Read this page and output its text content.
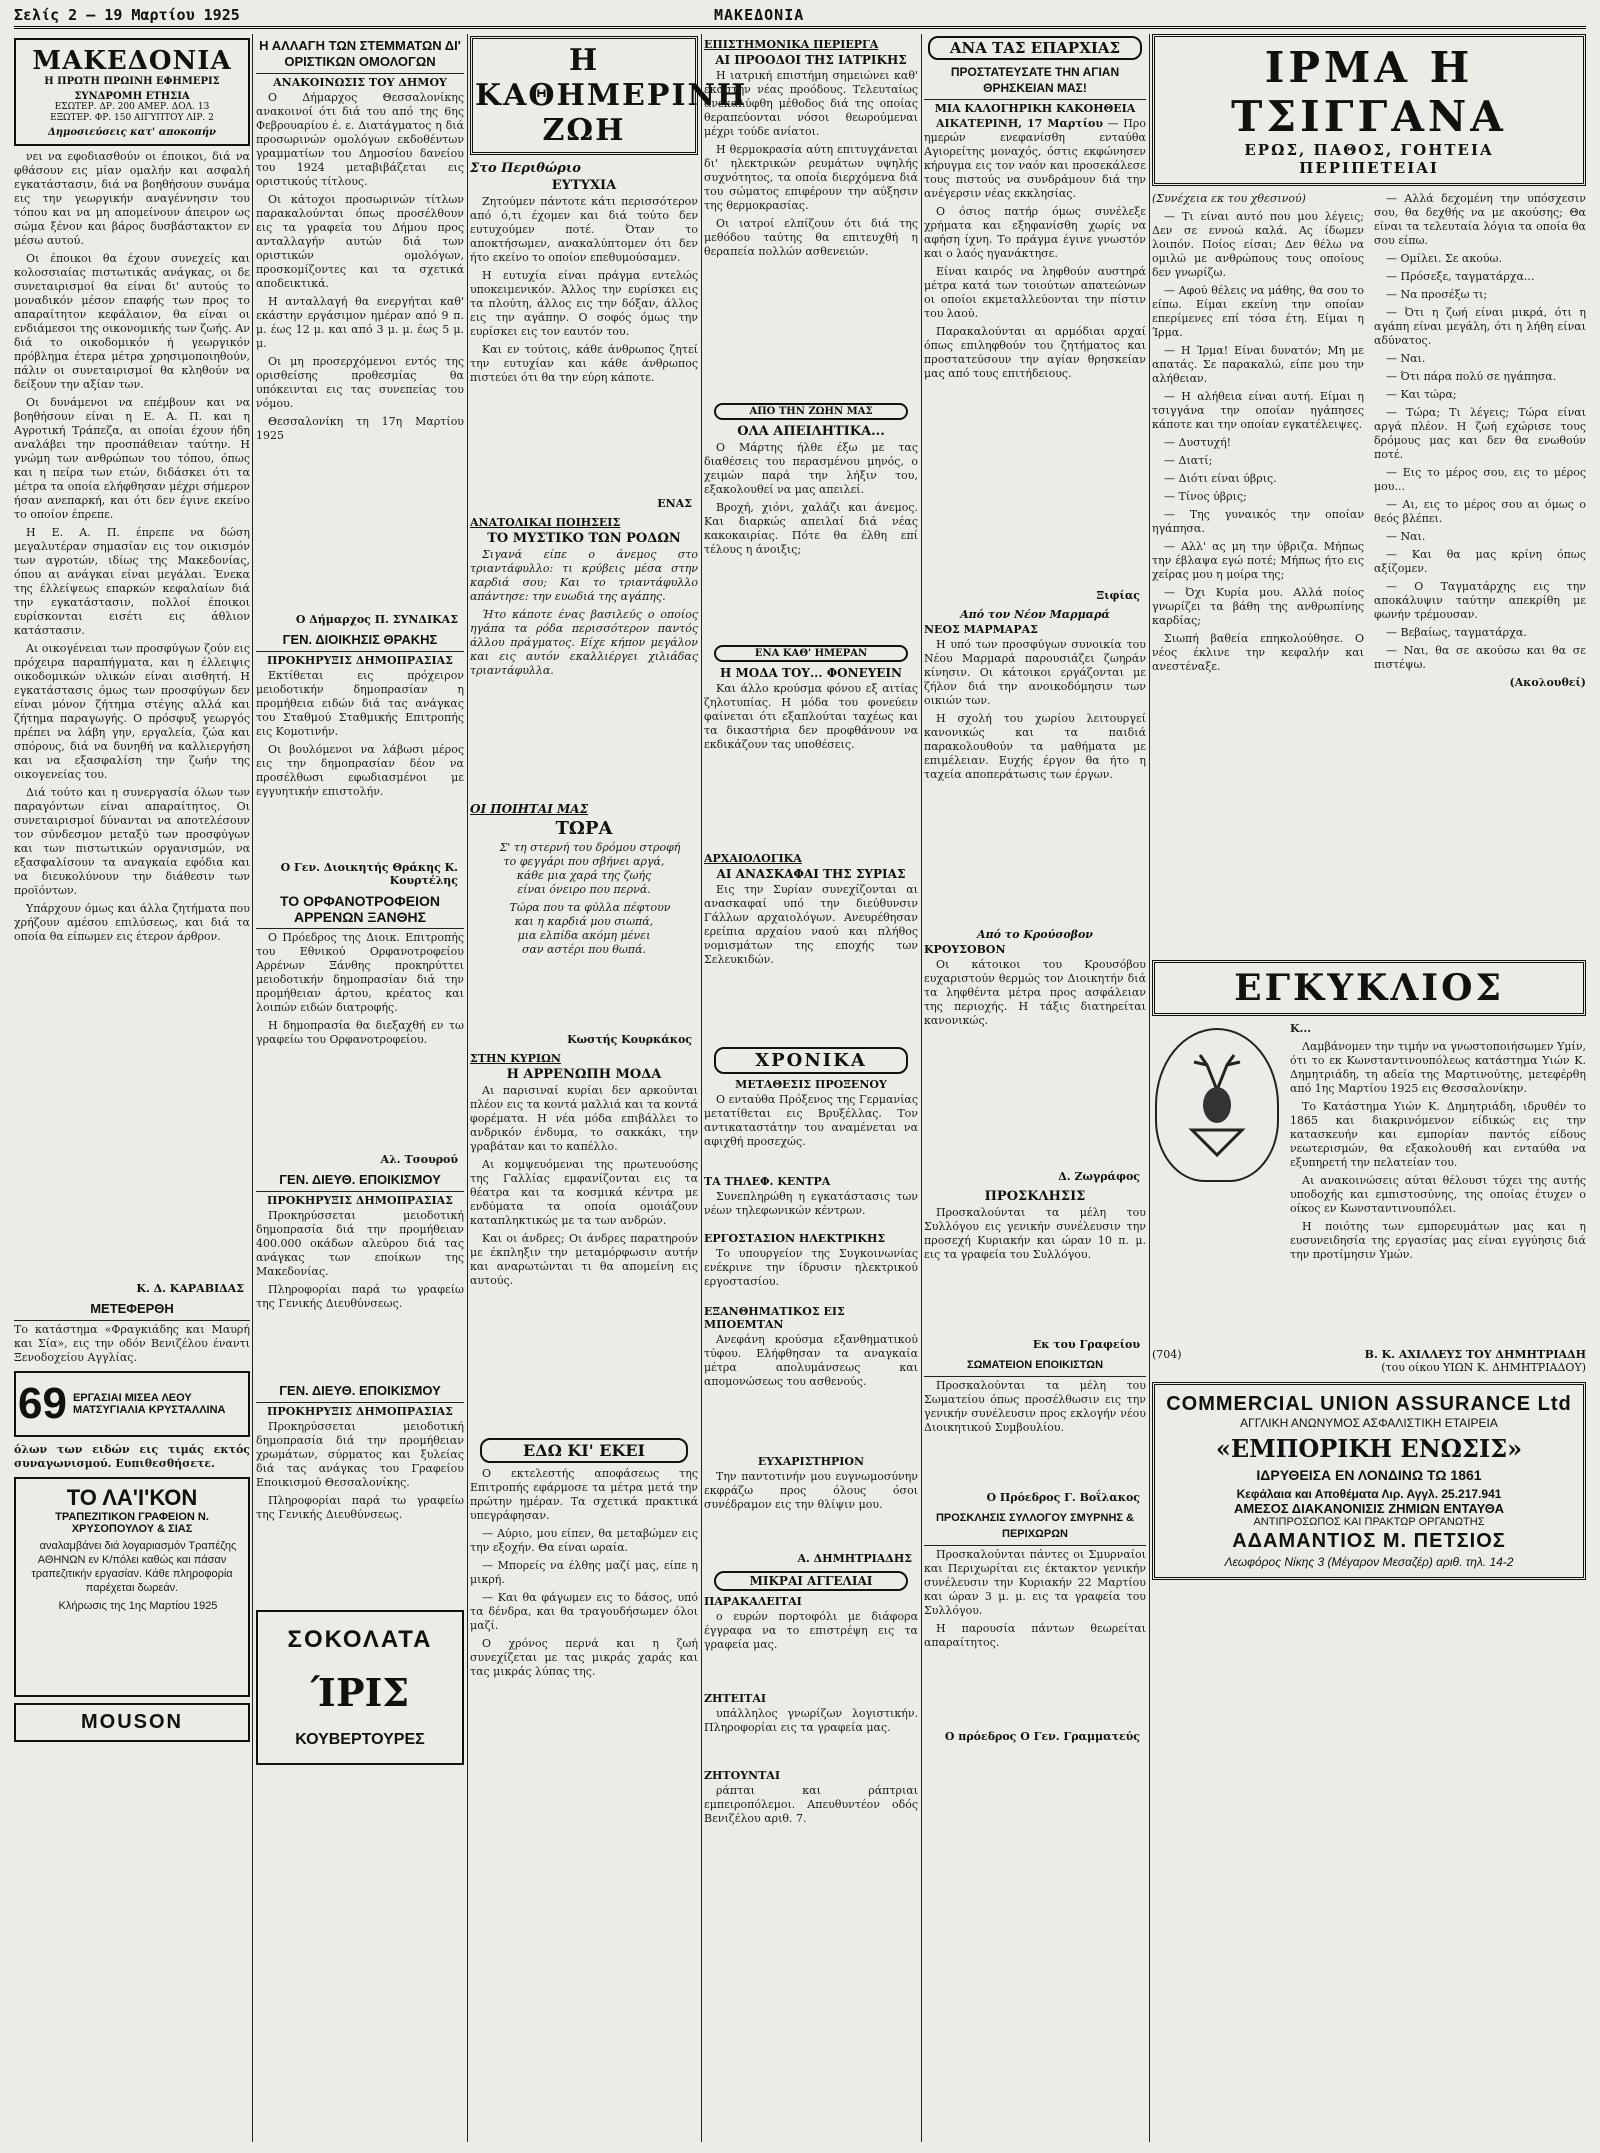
Σελίς 2 — 19 Μαρτίου 1925	ΜΑΚΕΔΟΝΙΑ
ΜΑΚΕΔΟΝΙΑ
Η ΠΡΩΤΗ ΠΡΩΙΝΗ ΕΦΗΜΕΡΙΣ
ΣΥΝΔΡΟΜΗ ΕΤΗΣΙΑ
ΕΣΩΤΕΡ. ΔΡ. 200 ΑΜΕΡ. ΔΟΛ. 13
ΕΞΩΤΕΡ. ΦΡ. 150 ΑΙΓΥΠΤΟΥ ΛΙΡ. 2
Δημοσιεύσεις κατ' αποκοπήν

νει να εφοδιασθούν οι έποικοι, διά να φθάσουν εις μίαν ομαλήν και ασφαλή εγκατάστασιν, διά να βοηθήσουν συνάμα εις την γεωργικήν αναγέννησιν του τόπου και να μη απομείνουν άπειρον ως σώμα ξένον και βάρος δυσβάστακτον εν μέσω αυτού.

Οι έποικοι θα έχουν συνεχείς και κολοσσιαίας πιστωτικάς ανάγκας, οι δε συνεταιρισμοί θα είναι δι' αυτούς το μοναδικόν μέσον επαφής των προς το απαραίτητον κεφάλαιον, θα είναι οι ενδιάμεσοι της οικονομικής των ζωής. Αν διά το οικοδομικόν ή γεωργικόν πρόβλημα έτερα μέτρα χρησιμοποιηθούν, πάλιν οι συνεταιρισμοί θα κληθούν να δείξουν την αξίαν των.

Οι δυνάμενοι να επέμβουν και να βοηθήσουν είναι η Ε. Α. Π. και η Αγροτική Τράπεζα, αι οποίαι έχουν ήδη αναλάβει την προσπάθειαν ταύτην. Η γνώμη των ανθρώπων του τόπου, όπως και η πείρα των ετών, διδάσκει ότι τα μέτρα τα οποία ελήφθησαν μέχρι σήμερον ήσαν ανεπαρκή, και ότι δεν έγινε εκείνο το οποίον έπρεπε.

Η Ε. Α. Π. έπρεπε να δώση μεγαλυτέραν σημασίαν εις τον οικισμόν των αγροτών, ιδίως της Μακεδονίας, όπου αι ανάγκαι είναι μεγάλαι. Ένεκα της έλλείψεως επαρκών κεφαλαίων διά την εγκατάστασιν, πολλοί έποικοι ευρίσκονται εισέτι εις άθλιον κατάστασιν.

Αι οικογένειαι των προσφύγων ζούν εις πρόχειρα παραπήγματα, και η έλλειψις οικοδομικών υλικών είναι αισθητή. Η εγκατάστασις όμως των προσφύγων δεν είναι μόνον ζήτημα στέγης αλλά και ζήτημα παραγωγής. Ο πρόσφυξ γεωργός πρέπει να λάβη γην, εργαλεία, ζώα και σπόρους, διά να δυνηθή να καλλιεργήση και να εξασφαλίση την ζωήν της οικογενείας του.

Διά τούτο και η συνεργασία όλων των παραγόντων είναι απαραίτητος. Οι συνεταιρισμοί δύνανται να αποτελέσουν τον σύνδεσμον μεταξύ των προσφύγων και των πιστωτικών οργανισμών, να εξασφαλίσουν τα αναγκαία εφόδια και να διευκολύνουν την διάθεσιν των προϊόντων.

Υπάρχουν όμως και άλλα ζητήματα που χρήζουν αμέσου επιλύσεως, και διά τα οποία θα είπωμεν εις έτερον άρθρον.

Κ. Δ. ΚΑΡΑΒΙΔΑΣ
ΜΕΤΕΦΕΡΘΗ
Το κατάστημα «Φραγκιάδης και Μαυρή και Σία», εις την οδόν Βενιζέλου έναντι Ξενοδοχείου Αγγλίας.
69 ΕΡΓΑΣΙΑΙ ΜΙΣΕΑ ΛΕΟΥ ΜΑΤΣΥΓΙΑΛΙΑ ΚΡΥΣΤΑΛΛΙΝΑ
όλων των ειδών εις τιμάς εκτός συναγωνισμού. Ευπιθεσθήσετε.
ΤΟ ΛΑ'Ι'ΚΟΝ
ΤΡΑΠΕΖΙΤΙΚΟΝ ΓΡΑΦΕΙΟΝ Ν. ΧΡΥΣΟΠΟΥΛΟΥ & ΣΙΑΣ

αναλαμβάνει διά λογαριασμόν Τραπέζης ΑΘΗΝΩΝ εν Κ/πόλει καθώς και πάσαν τραπεζιτικήν εργασίαν. Κάθε πληροφορία παρέχεται δωρεάν.

Κλήρωσις της 1ης Μαρτίου 1925

MOUSON
Η ΑΛΛΑΓΗ ΤΩΝ ΣΤΕΜΜΑΤΩΝ ΔΙ' ΟΡΙΣΤΙΚΩΝ ΟΜΟΛΟΓΩΝ
ΑΝΑΚΟΙΝΩΣΙΣ ΤΟΥ ΔΗΜΟΥ

Ο Δήμαρχος Θεσσαλονίκης ανακοινοί ότι διά του από της 6ης Φεβρουαρίου έ. ε. Διατάγματος η διά προσωρινών ομολόγων εκδοθέντων γραμματίων του Δημοσίου δανείου του 1924 μεταβιβάζεται εις οριστικούς τίτλους.

Οι κάτοχοι προσωρινών τίτλων παρακαλούνται όπως προσέλθουν εις τα γραφεία του Δήμου προς ανταλλαγήν αυτών διά των οριστικών ομολόγων, προσκομίζοντες και τα σχετικά αποδεικτικά.

Η ανταλλαγή θα ενεργήται καθ' εκάστην εργάσιμον ημέραν από 9 π. μ. έως 12 μ. και από 3 μ. μ. έως 5 μ. μ.

Οι μη προσερχόμενοι εντός της ορισθείσης προθεσμίας θα υπόκεινται εις τας συνεπείας του νόμου.

Θεσσαλονίκη τη 17η Μαρτίου 1925

Ο Δήμαρχος Π. ΣΥΝΔΙΚΑΣ
ΓΕΝ. ΔΙΟΙΚΗΣΙΣ ΘΡΑΚΗΣ
ΠΡΟΚΗΡΥΞΙΣ ΔΗΜΟΠΡΑΣΙΑΣ

Εκτίθεται εις πρόχειρον μειοδοτικήν δημοπρασίαν η προμήθεια ειδών διά τας ανάγκας του Σταθμού Σταθμικής Επιτροπής εις Κομοτινήν.

Οι βουλόμενοι να λάβωσι μέρος εις την δημοπρασίαν δέον να προσέλθωσι εφωδιασμένοι με εγγυητικήν επιστολήν.

Ο Γεν. Διοικητής Θράκης Κ. Κουρτέλης
ΤΟ ΟΡΦΑΝΟΤΡΟΦΕΙΟΝ ΑΡΡΕΝΩΝ ΞΑΝΘΗΣ

Ο Πρόεδρος της Διοικ. Επιτροπής του Εθνικού Ορφανοτροφείου Αρρένων Ξάνθης προκηρύττει μειοδοτικήν δημοπρασίαν διά την προμήθειαν άρτου, κρέατος και λοιπών ειδών διατροφής.

Η δημοπρασία θα διεξαχθή εν τω γραφείω του Ορφανοτροφείου.

Αλ. Τσουρού
ΓΕΝ. ΔΙΕΥΘ. ΕΠΟΙΚΙΣΜΟΥ
ΠΡΟΚΗΡΥΞΙΣ ΔΗΜΟΠΡΑΣΙΑΣ

Προκηρύσσεται μειοδοτική δημοπρασία διά την προμήθειαν 400.000 οκάδων αλεύρου διά τας ανάγκας των εποίκων της Μακεδονίας.

Πληροφορίαι παρά τω γραφείω της Γενικής Διευθύνσεως.

ΓΕΝ. ΔΙΕΥΘ. ΕΠΟΙΚΙΣΜΟΥ
ΠΡΟΚΗΡΥΞΙΣ ΔΗΜΟΠΡΑΣΙΑΣ

Προκηρύσσεται μειοδοτική δημοπρασία διά την προμήθειαν χρωμάτων, σύρματος και ξυλείας διά τας ανάγκας του Γραφείου Εποικισμού Θεσσαλονίκης.

Πληροφορίαι παρά τω γραφείω της Γενικής Διευθύνσεως.

ΣΟΚΟΛΑΤΑ
ΊΡΙΣ
ΚΟΥΒΕΡΤΟΥΡΕΣ
Η ΚΑΘΗΜΕΡΙΝΗ ΖΩΗ
Στο Περιθώριο
ΕΥΤΥΧΙΑ

Ζητούμεν πάντοτε κάτι περισσότερον από ό,τι έχομεν και διά τούτο δεν ευτυχούμεν ποτέ. Όταν το αποκτήσωμεν, ανακαλύπτομεν ότι δεν ήτο εκείνο το οποίον επεθυμούσαμεν.

Η ευτυχία είναι πράγμα εντελώς υποκειμενικόν. Άλλος την ευρίσκει εις τα πλούτη, άλλος εις την δόξαν, άλλος εις την αγάπην. Ο σοφός όμως την ευρίσκει εις τον εαυτόν του.

Και εν τούτοις, κάθε άνθρωπος ζητεί την ευτυχίαν και κάθε άνθρωπος πιστεύει ότι θα την εύρη κάποτε.

ΕΝΑΣ
ΑΝΑΤΟΛΙΚΑΙ ΠΟΙΗΣΕΙΣ
ΤΟ ΜΥΣΤΙΚΟ ΤΩΝ ΡΟΔΩΝ

Σιγανά είπε ο άνεμος στο τριαντάφυλλο: τι κρύβεις μέσα στην καρδιά σου; Και το τριαντάφυλλο απάντησε: την ευωδιά της αγάπης.

Ήτο κάποτε ένας βασιλεύς ο οποίος ηγάπα τα ρόδα περισσότερον παντός άλλου πράγματος. Είχε κήπον μεγάλον και εις αυτόν εκαλλιέργει χιλιάδας τριαντάφυλλα.

ΟΙ ΠΟΙΗΤΑΙ ΜΑΣ
ΤΩΡΑ

Σ' τη στερνή του δρόμου στροφή
το φεγγάρι που σβήνει αργά,
κάθε μια χαρά της ζωής
είναι όνειρο που περνά.

Τώρα που τα φύλλα πέφτουν
και η καρδιά μου σιωπά,
μια ελπίδα ακόμη μένει
σαν αστέρι που θωπά.

Κωστής Κουρκάκος
ΣΤΗΝ ΚΥΡΙΩΝ
Η ΑΡΡΕΝΩΠΗ ΜΟΔΑ

Αι παρισιναί κυρίαι δεν αρκούνται πλέον εις τα κοντά μαλλιά και τα κοντά φορέματα. Η νέα μόδα επιβάλλει το ανδρικόν ένδυμα, το σακκάκι, την γραβάταν και το καπέλλο.

Αι κομψευόμεναι της πρωτευούσης της Γαλλίας εμφανίζονται εις τα θέατρα και τα κοσμικά κέντρα με ενδύματα τα οποία ομοιάζουν καταπληκτικώς με τα των ανδρών.

Και οι άνδρες; Οι άνδρες παρατηρούν με έκπληξιν την μεταμόρφωσιν αυτήν και αναρωτώνται τι θα απομείνη εις αυτούς.

ΕΔΩ ΚΙ' ΕΚΕΙ

Ο εκτελεστής αποφάσεως της Επιτροπής εφάρμοσε τα μέτρα μετά την πρώτην ημέραν. Τα σχετικά πρακτικά υπεγράφησαν.

— Αύριο, μου είπεν, θα μεταβώμεν εις την εξοχήν. Θα είναι ωραία.

— Μπορείς να έλθης μαζί μας, είπε η μικρή.

— Και θα φάγωμεν εις το δάσος, υπό τα δένδρα, και θα τραγουδήσωμεν όλοι μαζί.

Ο χρόνος περνά και η ζωή συνεχίζεται με τας μικράς χαράς και τας μικράς λύπας της.

ΕΠΙΣΤΗΜΟΝΙΚΑ ΠΕΡΙΕΡΓΑ
ΑΙ ΠΡΟΟΔΟΙ ΤΗΣ ΙΑΤΡΙΚΗΣ

Η ιατρική επιστήμη σημειώνει καθ' εκάστην νέας προόδους. Τελευταίως ανεκαλύφθη μέθοδος διά της οποίας θεραπεύονται νόσοι θεωρούμεναι μέχρι τούδε ανίατοι.

Η θερμοκρασία αύτη επιτυγχάνεται δι' ηλεκτρικών ρευμάτων υψηλής συχνότητος, τα οποία διερχόμενα διά του σώματος επιφέρουν την αύξησιν της θερμοκρασίας.

Οι ιατροί ελπίζουν ότι διά της μεθόδου ταύτης θα επιτευχθή η θεραπεία πολλών ασθενειών.

ΑΠΟ ΤΗΝ ΖΩΗΝ ΜΑΣ
ΟΛΑ ΑΠΕΙΛΗΤΙΚΑ...

Ο Μάρτης ήλθε έξω με τας διαθέσεις του περασμένου μηνός, ο χειμών παρά την λήξιν του, εξακολουθεί να μας απειλεί.

Βροχή, χιόνι, χαλάζι και άνεμος. Και διαρκώς απειλαί διά νέας κακοκαιρίας. Πότε θα έλθη επί τέλους η άνοιξις;

ΕΝΑ ΚΑΘ' ΗΜΕΡΑΝ
Η ΜΟΔΑ ΤΟΥ... ΦΟΝΕΥΕΙΝ

Και άλλο κρούσμα φόνου εξ αιτίας ζηλοτυπίας. Η μόδα του φονεύειν φαίνεται ότι εξαπλούται ταχέως και τα δικαστήρια δεν προφθάνουν να εκδικάζουν τας υποθέσεις.

ΑΡΧΑΙΟΛΟΓΙΚΑ
ΑΙ ΑΝΑΣΚΑΦΑΙ ΤΗΣ ΣΥΡΙΑΣ

Εις την Συρίαν συνεχίζονται αι ανασκαφαί υπό την διεύθυνσιν Γάλλων αρχαιολόγων. Ανευρέθησαν ερείπια αρχαίου ναού και πλήθος νομισμάτων της εποχής των Σελευκιδών.

ΧΡΟΝΙΚΑ
ΜΕΤΑΘΕΣΙΣ ΠΡΟΞΕΝΟΥ

Ο ενταύθα Πρόξενος της Γερμανίας μετατίθεται εις Βρυξέλλας. Τον αντικαταστάτην του αναμένεται να αφιχθή προσεχώς.

ΤΑ ΤΗΛΕΦ. ΚΕΝΤΡΑ

Συνεπληρώθη η εγκατάστασις των νέων τηλεφωνικών κέντρων.

ΕΡΓΟΣΤΑΣΙΟΝ ΗΛΕΚΤΡΙΚΗΣ

Το υπουργείον της Συγκοινωνίας ενέκρινε την ίδρυσιν ηλεκτρικού εργοστασίου.

ΕΞΑΝΘΗΜΑΤΙΚΟΣ ΕΙΣ ΜΠΟΕΜΤΑΝ

Ανεφάνη κρούσμα εξανθηματικού τύφου. Ελήφθησαν τα αναγκαία μέτρα απολυμάνσεως και απομονώσεως του ασθενούς.

ΕΥΧΑΡΙΣΤΗΡΙΟΝ

Την παντοτινήν μου ευγνωμοσύνην εκφράζω προς όλους όσοι συνέδραμον εις την θλίψιν μου.

Α. ΔΗΜΗΤΡΙΑΔΗΣ
ΜΙΚΡΑΙ ΑΓΓΕΛΙΑΙ
ΠΑΡΑΚΑΛΕΙΤΑΙ

ο ευρών πορτοφόλι με διάφορα έγγραφα να το επιστρέψη εις τα γραφεία μας.

ΖΗΤΕΙΤΑΙ

υπάλληλος γνωρίζων λογιστικήν. Πληροφορίαι εις τα γραφεία μας.

ΖΗΤΟΥΝΤΑΙ

ράπται και ράπτριαι εμπειροπόλεμοι. Απευθυντέον οδός Βενιζέλου αριθ. 7.

ΑΝΑ ΤΑΣ ΕΠΑΡΧΙΑΣ
ΠΡΟΣΤΑΤΕΥΣΑΤΕ ΤΗΝ ΑΓΙΑΝ ΘΡΗΣΚΕΙΑΝ ΜΑΣ!
ΜΙΑ ΚΑΛΟΓΗΡΙΚΗ ΚΑΚΟΗΘΕΙΑ

ΑΙΚΑΤΕΡΙΝΗ, 17 Μαρτίου — Προ ημερών ενεφανίσθη ενταύθα Αγιορείτης μοναχός, όστις εκφώνησεν κήρυγμα εις τον ναόν και προσεκάλεσε τους πιστούς να συνδράμουν διά την ανέγερσιν νέας εκκλησίας.

Ο όσιος πατήρ όμως συνέλεξε χρήματα και εξηφανίσθη χωρίς να αφήση ίχνη. Το πράγμα έγινε γνωστόν και ο λαός ηγανάκτησε.

Είναι καιρός να ληφθούν αυστηρά μέτρα κατά των τοιούτων απατεώνων οι οποίοι εκμεταλλεύονται την πίστιν του λαού.

Παρακαλούνται αι αρμόδιαι αρχαί όπως επιληφθούν του ζητήματος και προστατεύσουν την αγίαν θρησκείαν μας από τους επιτήδειους.

Ξιφίας
Από τον Νέον Μαρμαρά
ΝΕΟΣ ΜΑΡΜΑΡΑΣ

Η υπό των προσφύγων συνοικία του Νέου Μαρμαρά παρουσιάζει ζωηράν κίνησιν. Οι κάτοικοι εργάζονται με ζήλον διά την ανοικοδόμησιν των οικιών των.

Η σχολή του χωρίου λειτουργεί κανονικώς και τα παιδιά παρακολουθούν τα μαθήματα με επιμέλειαν. Ευχής έργον θα ήτο η ταχεία αποπεράτωσις των έργων.

Από το Κρούσοβον
ΚΡΟΥΣΟΒΟΝ

Οι κάτοικοι του Κρουσόβου ευχαριστούν θερμώς τον Διοικητήν διά τα ληφθέντα μέτρα προς ασφάλειαν της περιοχής. Η τάξις διατηρείται κανονικώς.

Δ. Ζωγράφος
ΠΡΟΣΚΛΗΣΙΣ

Προσκαλούνται τα μέλη του Συλλόγου εις γενικήν συνέλευσιν την προσεχή Κυριακήν και ώραν 10 π. μ. εις τα γραφεία του Συλλόγου.

Εκ του Γραφείου
ΣΩΜΑΤΕΙΟΝ ΕΠΟΙΚΙΣΤΩΝ

Προσκαλούνται τα μέλη του Σωματείου όπως προσέλθωσιν εις την γενικήν συνέλευσιν προς εκλογήν νέου Διοικητικού Συμβουλίου.

Ο Πρόεδρος Γ. Βοΐλακος
ΠΡΟΣΚΛΗΣΙΣ ΣΥΛΛΟΓΟΥ ΣΜΥΡΝΗΣ & ΠΕΡΙΧΩΡΩΝ

Προσκαλούνται πάντες οι Σμυρναίοι και Περιχωρίται εις έκτακτον γενικήν συνέλευσιν την Κυριακήν 22 Μαρτίου και ώραν 3 μ. μ. εις τα γραφεία του Συλλόγου.

Η παρουσία πάντων θεωρείται απαραίτητος.

Ο πρόεδρος Ο Γεν. Γραμματεύς
ΙΡΜΑ Η ΤΣΙΓΓΑΝΑ
ΕΡΩΣ, ΠΑΘΟΣ, ΓΟΗΤΕΙΑ
ΠΕΡΙΠΕΤΕΙΑΙ

(Συνέχεια εκ του χθεσινού)

— Τι είναι αυτό που μου λέγεις; Δεν σε εννοώ καλά. Ας ίδωμεν λοιπόν. Ποίος είσαι; Δεν θέλω να ομιλώ με ανθρώπους τους οποίους δεν γνωρίζω.

— Αφού θέλεις να μάθης, θα σου το είπω. Είμαι εκείνη την οποίαν επερίμενες επί τόσα έτη. Είμαι η Ίρμα.

— Η Ίρμα! Είναι δυνατόν; Μη με απατάς. Σε παρακαλώ, είπε μου την αλήθειαν.

— Η αλήθεια είναι αυτή. Είμαι η τσιγγάνα την οποίαν ηγάπησες κάποτε και την οποίαν εγκατέλειψες.

— Δυστυχή!

— Διατί;

— Διότι είναι ύβρις.

— Τίνος ύβρις;

— Της γυναικός την οποίαν ηγάπησα.

— Αλλ' ας μη την ύβριζα. Μήπως την έβλαψα εγώ ποτέ; Μήπως ήτο εις χείρας μου η μοίρα της;

— Όχι Κυρία μου. Αλλά ποίος γνωρίζει τα βάθη της ανθρωπίνης καρδίας;

Σιωπή βαθεία επηκολούθησε. Ο νέος έκλινε την κεφαλήν και ανεστέναξε.

— Αλλά δεχομένη την υπόσχεσιν σου, θα δεχθής να με ακούσης; Θα είναι τα τελευταία λόγια τα οποία θα σου είπω.

— Ομίλει. Σε ακούω.

— Πρόσεξε, ταγματάρχα...

— Να προσέξω τι;

— Ότι η ζωή είναι μικρά, ότι η αγάπη είναι μεγάλη, ότι η λήθη είναι αδύνατος.

— Ναι.

— Ότι πάρα πολύ σε ηγάπησα.

— Και τώρα;

— Τώρα; Τι λέγεις; Τώρα είναι αργά πλέον. Η ζωή εχώρισε τους δρόμους μας και δεν θα ενωθούν ποτέ.

— Εις το μέρος σου, εις το μέρος μου...

— Αι, εις το μέρος σου αι όμως ο θεός βλέπει.

— Ναι.

— Και θα μας κρίνη όπως αξίζομεν.

— Ο Ταγματάρχης εις την αποκάλυψιν ταύτην απεκρίθη με φωνήν τρέμουσαν.

— Βεβαίως, ταγματάρχα.

— Ναι, θα σε ακούσω και θα σε πιστέψω.

(Ακολουθεί)

ΕΓΚΥΚΛΙΟΣ

Κ...

Λαμβάνομεν την τιμήν να γνωστοποιήσωμεν Υμίν, ότι το εκ Κωνσταντινουπόλεως κατάστημα Υιών Κ. Δημητριάδη, τη αδεία της Μαρτινούτης, μετεφέρθη από 1ης Μαρτίου 1925 εις Θεσσαλονίκην.

Το Κατάστημα Υιών Κ. Δημητριάδη, ιδρυθέν το 1865 και διακρινόμενον είδικώς εις την κατασκευήν και εμπορίαν παντός είδους νεωτερισμών, θα εξακολουθή και ενταύθα να εξυπηρετή την πελατείαν του.

Αι ανακοινώσεις αύται θέλουσι τύχει της αυτής υποδοχής και εμπιστοσύνης, της οποίας έτυχεν ο οίκος εν Κωνσταντινουπόλει.

Η ποιότης των εμπορευμάτων μας και η ευσυνειδησία της εργασίας μας είναι εγγύησις διά την προτίμησιν Υμών.

(704)	Β. Κ. ΑΧΙΛΛΕΥΣ ΤΟΥ ΔΗΜΗΤΡΙΑΔΗ
(του οίκου ΥΙΩΝ Κ. ΔΗΜΗΤΡΙΑΔΟΥ)
COMMERCIAL UNION ASSURANCE Ltd
ΑΓΓΛΙΚΗ ΑΝΩΝΥΜΟΣ ΑΣΦΑΛΙΣΤΙΚΗ ΕΤΑΙΡΕΙΑ
«ΕΜΠΟΡΙΚΗ ΕΝΩΣΙΣ»
ΙΔΡΥΘΕΙΣΑ ΕΝ ΛΟΝΔΙΝΩ ΤΩ 1861
Κεφάλαια και Αποθέματα Λιρ. Αγγλ. 25.217.941
ΑΜΕΣΟΣ ΔΙΑΚΑΝΟΝΙΣΙΣ ΖΗΜΙΩΝ ΕΝΤΑΥΘΑ
ΑΝΤΙΠΡΟΣΩΠΟΣ ΚΑΙ ΠΡΑΚΤΩΡ ΟΡΓΑΝΩΤΗΣ
ΑΔΑΜΑΝΤΙΟΣ Μ. ΠΕΤΣΙΟΣ
Λεωφόρος Νίκης 3 (Μέγαρον Μεσαζέρ) αριθ. τηλ. 14-2
